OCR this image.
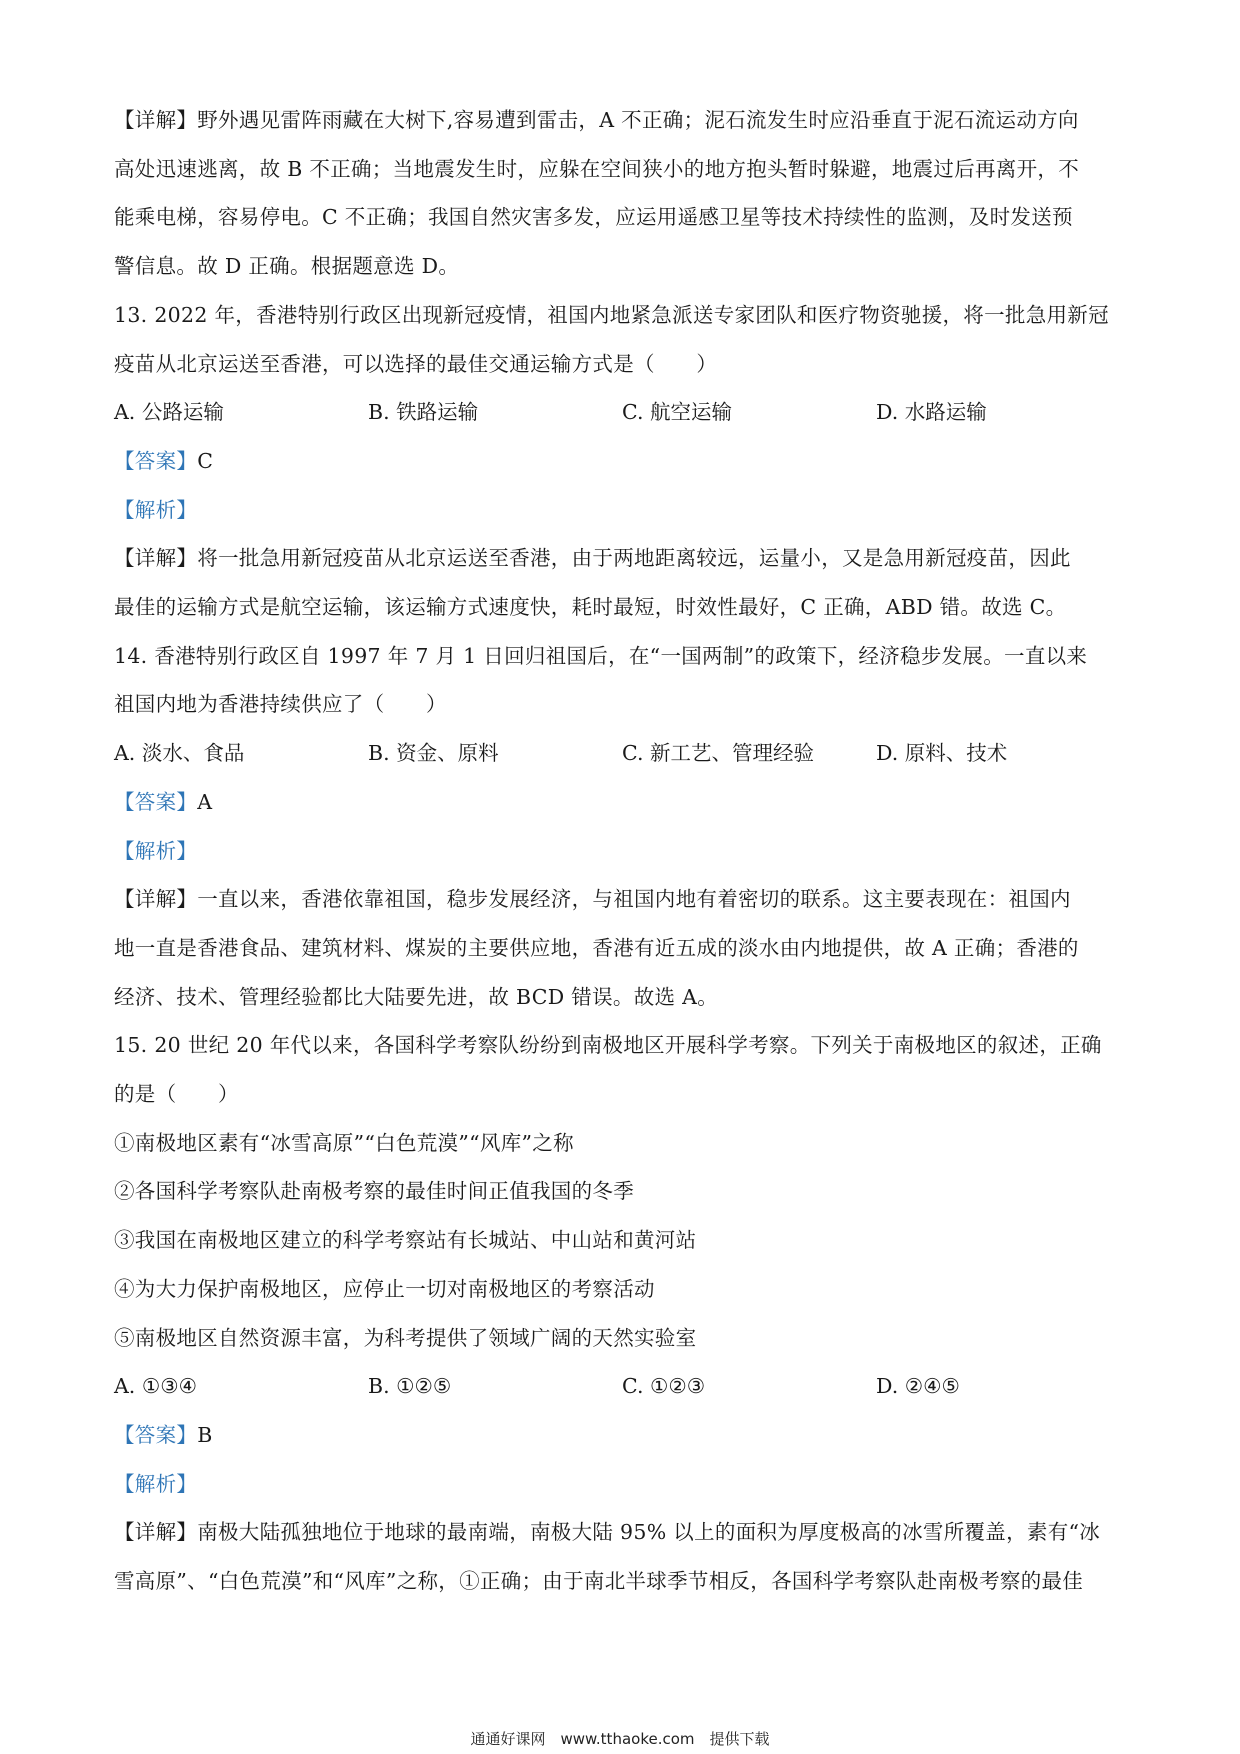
【详解】野外遇见雷阵雨藏在大树下,容易遭到雷击，A 不正确；泥石流发生时应沿垂直于泥石流运动方向
高处迅速逃离，故 B 不正确；当地震发生时，应躲在空间狭小的地方抱头暂时躲避，地震过后再离开，不
能乘电梯，容易停电。C 不正确；我国自然灾害多发，应运用遥感卫星等技术持续性的监测，及时发送预
警信息。故 D 正确。根据题意选 D。
13. 2022 年，香港特别行政区出现新冠疫情，祖国内地紧急派送专家团队和医疗物资驰援，将一批急用新冠
疫苗从北京运送至香港，可以选择的最佳交通运输方式是（　　）
A. 公路运输	B. 铁路运输	C. 航空运输	D. 水路运输
【答案】C
【解析】
【详解】将一批急用新冠疫苗从北京运送至香港，由于两地距离较远，运量小，又是急用新冠疫苗，因此
最佳的运输方式是航空运输，该运输方式速度快，耗时最短，时效性最好，C 正确，ABD 错。故选 C。
14. 香港特别行政区自 1997 年 7 月 1 日回归祖国后，在“一国两制”的政策下，经济稳步发展。一直以来
祖国内地为香港持续供应了（　　）
A. 淡水、食品	B. 资金、原料	C. 新工艺、管理经验	D. 原料、技术
【答案】A
【解析】
【详解】一直以来，香港依靠祖国，稳步发展经济，与祖国内地有着密切的联系。这主要表现在：祖国内
地一直是香港食品、建筑材料、煤炭的主要供应地，香港有近五成的淡水由内地提供，故 A 正确；香港的
经济、技术、管理经验都比大陆要先进，故 BCD 错误。故选 A。
15. 20 世纪 20 年代以来，各国科学考察队纷纷到南极地区开展科学考察。下列关于南极地区的叙述，正确
的是（　　）
①南极地区素有“冰雪高原”“白色荒漠”“风库”之称
②各国科学考察队赴南极考察的最佳时间正值我国的冬季
③我国在南极地区建立的科学考察站有长城站、中山站和黄河站
④为大力保护南极地区，应停止一切对南极地区的考察活动
⑤南极地区自然资源丰富，为科考提供了领域广阔的天然实验室
A. ①③④	B. ①②⑤	C. ①②③	D. ②④⑤
【答案】B
【解析】
【详解】南极大陆孤独地位于地球的最南端，南极大陆 95% 以上的面积为厚度极高的冰雪所覆盖，素有“冰
雪高原”、“白色荒漠”和“风库”之称，①正确；由于南北半球季节相反，各国科学考察队赴南极考察的最佳
通通好课网　www.tthaoke.com　提供下载
